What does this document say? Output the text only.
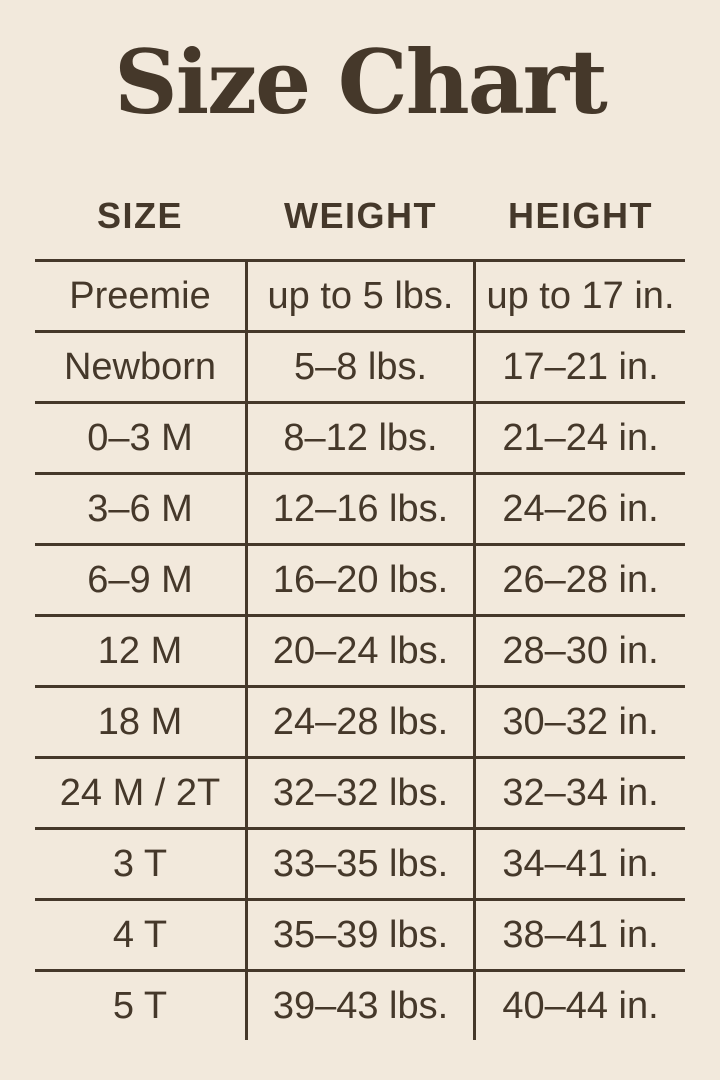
Size Chart
SIZE	WEIGHT	HEIGHT
Preemie	up to 5 lbs. up to 17 in.
Newborn	5–8 lbs.	17–21 in.
0–3 M	8–12 lbs.	21–24 in.
3–6 M	12–16 lbs.	24–26 in.
6–9 M	16–20 lbs.	26–28 in.
12 M	20–24 lbs.	28–30 in.
18 M	24–28 lbs.	30–32 in.
24 M / 2T	32–32 lbs.	32–34 in.
3 T	33–35 lbs.	34–41 in.
4 T	35–39 lbs.	38–41 in.
5 T	39–43 lbs.	40–44 in.
